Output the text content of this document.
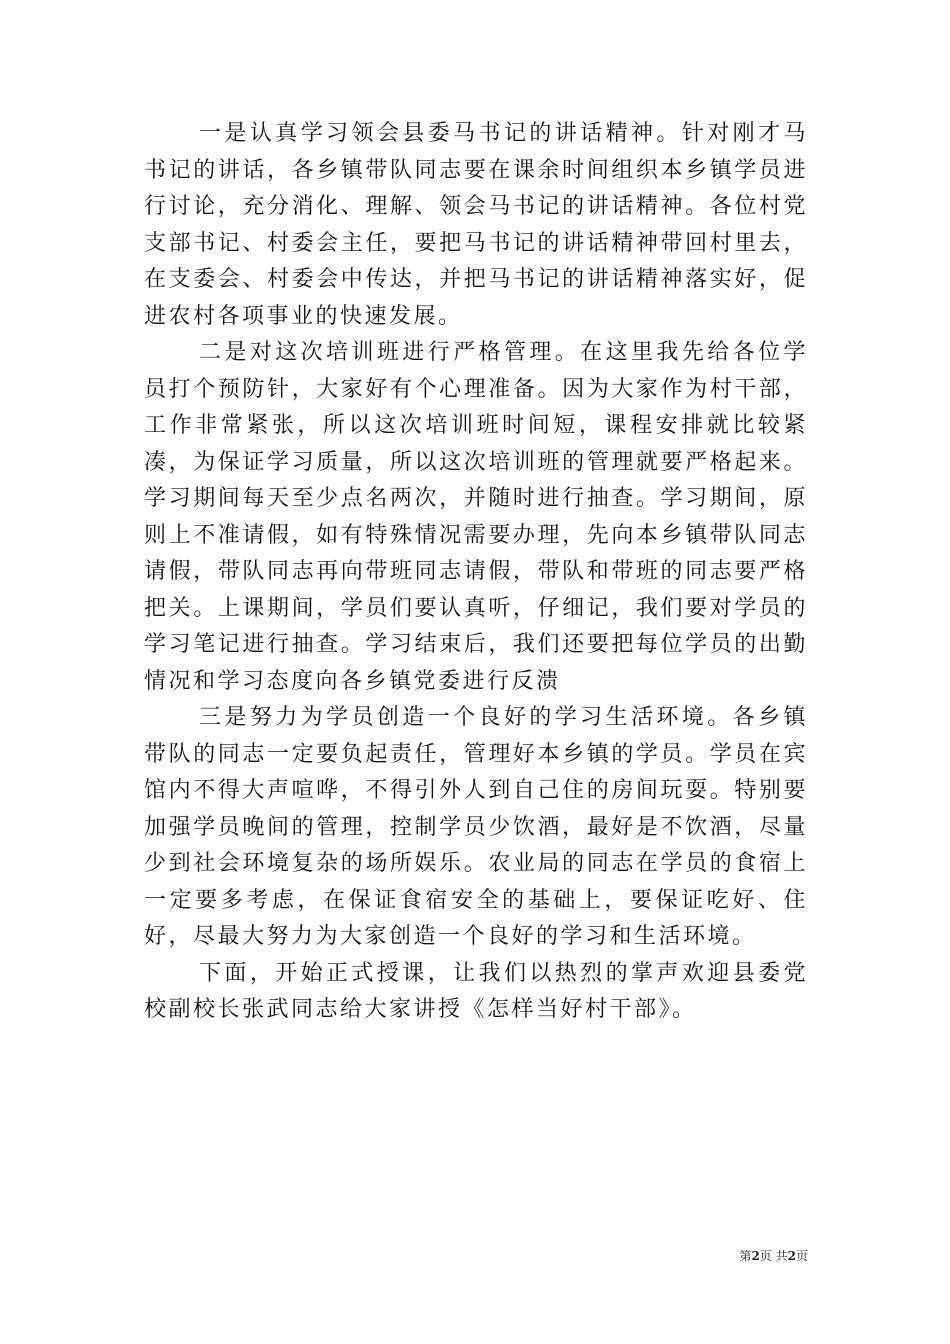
一是认真学习领会县委马书记的讲话精神。针对刚才马书记的讲话，各乡镇带队同志要在课余时间组织本乡镇学员进行讨论，充分消化、理解、领会马书记的讲话精神。各位村党支部书记、村委会主任，要把马书记的讲话精神带回村里去，在支委会、村委会中传达，并把马书记的讲话精神落实好，促进农村各项事业的快速发展。

二是对这次培训班进行严格管理。在这里我先给各位学员打个预防针，大家好有个心理准备。因为大家作为村干部，工作非常紧张，所以这次培训班时间短，课程安排就比较紧凑，为保证学习质量，所以这次培训班的管理就要严格起来。学习期间每天至少点名两次，并随时进行抽查。学习期间，原则上不准请假，如有特殊情况需要办理，先向本乡镇带队同志请假，带队同志再向带班同志请假，带队和带班的同志要严格把关。上课期间，学员们要认真听，仔细记，我们要对学员的学习笔记进行抽查。学习结束后，我们还要把每位学员的出勤情况和学习态度向各乡镇党委进行反溃

三是努力为学员创造一个良好的学习生活环境。各乡镇带队的同志一定要负起责任，管理好本乡镇的学员。学员在宾馆内不得大声喧哗，不得引外人到自己住的房间玩耍。特别要加强学员晚间的管理，控制学员少饮酒，最好是不饮酒，尽量少到社会环境复杂的场所娱乐。农业局的同志在学员的食宿上一定要多考虑，在保证食宿安全的基础上，要保证吃好、住好，尽最大努力为大家创造一个良好的学习和生活环境。

下面，开始正式授课，让我们以热烈的掌声欢迎县委党校副校长张武同志给大家讲授《怎样当好村干部》。

第2页 共2页
